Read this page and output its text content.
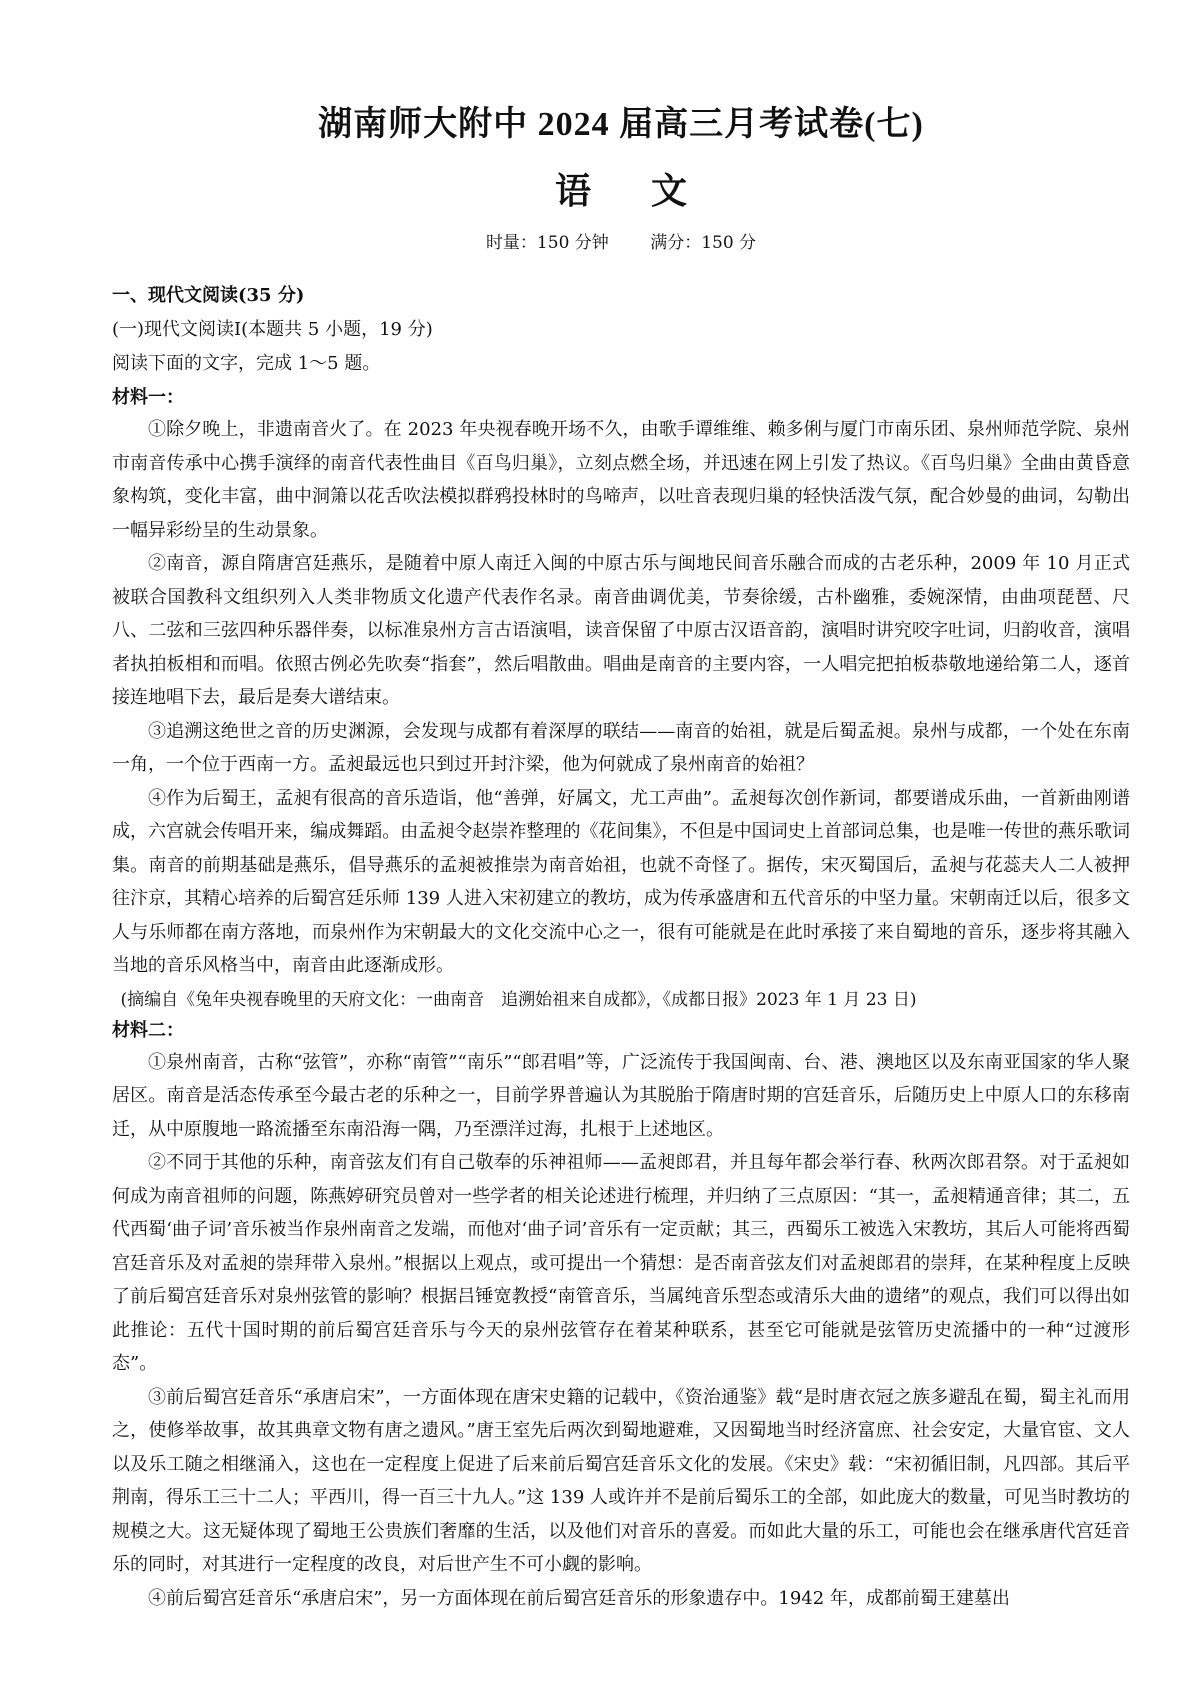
湖南师大附中 2024 届高三月考试卷(七)
语文
时量：150 分钟 满分：150 分
一、现代文阅读(35 分)
(一)现代文阅读Ⅰ(本题共 5 小题，19 分)
阅读下面的文字，完成 1～5 题。
材料一：

①除夕晚上，非遗南音火了。在 2023 年央视春晚开场不久，由歌手谭维维、赖多俐与厦门市南乐团、泉州师范学院、泉州市南音传承中心携手演绎的南音代表性曲目《百鸟归巢》，立刻点燃全场，并迅速在网上引发了热议。《百鸟归巢》全曲由黄昏意象构筑，变化丰富，曲中洞箫以花舌吹法模拟群鸦投林时的鸟啼声，以吐音表现归巢的轻快活泼气氛，配合妙曼的曲词，勾勒出一幅异彩纷呈的生动景象。

②南音，源自隋唐宫廷燕乐，是随着中原人南迁入闽的中原古乐与闽地民间音乐融合而成的古老乐种，2009 年 10 月正式被联合国教科文组织列入人类非物质文化遗产代表作名录。南音曲调优美，节奏徐缓，古朴幽雅，委婉深情，由曲项琵琶、尺八、二弦和三弦四种乐器伴奏，以标准泉州方言古语演唱，读音保留了中原古汉语音韵，演唱时讲究咬字吐词，归韵收音，演唱者执拍板相和而唱。依照古例必先吹奏“指套”，然后唱散曲。唱曲是南音的主要内容，一人唱完把拍板恭敬地递给第二人，逐首接连地唱下去，最后是奏大谱结束。

③追溯这绝世之音的历史渊源，会发现与成都有着深厚的联结——南音的始祖，就是后蜀孟昶。泉州与成都，一个处在东南一角，一个位于西南一方。孟昶最远也只到过开封汴梁，他为何就成了泉州南音的始祖？

④作为后蜀王，孟昶有很高的音乐造诣，他“善弹，好属文，尤工声曲”。孟昶每次创作新词，都要谱成乐曲，一首新曲刚谱成，六宫就会传唱开来，编成舞蹈。由孟昶令赵崇祚整理的《花间集》，不但是中国词史上首部词总集，也是唯一传世的燕乐歌词集。南音的前期基础是燕乐，倡导燕乐的孟昶被推崇为南音始祖，也就不奇怪了。据传，宋灭蜀国后，孟昶与花蕊夫人二人被押往汴京，其精心培养的后蜀宫廷乐师 139 人进入宋初建立的教坊，成为传承盛唐和五代音乐的中坚力量。宋朝南迁以后，很多文人与乐师都在南方落地，而泉州作为宋朝最大的文化交流中心之一，很有可能就是在此时承接了来自蜀地的音乐，逐步将其融入当地的音乐风格当中，南音由此逐渐成形。

(摘编自《兔年央视春晚里的天府文化：一曲南音　追溯始祖来自成都》，《成都日报》2023 年 1 月 23 日)
材料二：

①泉州南音，古称“弦管”，亦称“南管”“南乐”“郎君唱”等，广泛流传于我国闽南、台、港、澳地区以及东南亚国家的华人聚居区。南音是活态传承至今最古老的乐种之一，目前学界普遍认为其脱胎于隋唐时期的宫廷音乐，后随历史上中原人口的东移南迁，从中原腹地一路流播至东南沿海一隅，乃至漂洋过海，扎根于上述地区。

②不同于其他的乐种，南音弦友们有自己敬奉的乐神祖师——孟昶郎君，并且每年都会举行春、秋两次郎君祭。对于孟昶如何成为南音祖师的问题，陈燕婷研究员曾对一些学者的相关论述进行梳理，并归纳了三点原因：“其一，孟昶精通音律；其二，五代西蜀‘曲子词’音乐被当作泉州南音之发端，而他对‘曲子词’音乐有一定贡献；其三，西蜀乐工被选入宋教坊，其后人可能将西蜀宫廷音乐及对孟昶的崇拜带入泉州。”根据以上观点，或可提出一个猜想：是否南音弦友们对孟昶郎君的崇拜，在某种程度上反映了前后蜀宫廷音乐对泉州弦管的影响？根据吕锤宽教授“南管音乐，当属纯音乐型态或清乐大曲的遗绪”的观点，我们可以得出如此推论：五代十国时期的前后蜀宫廷音乐与今天的泉州弦管存在着某种联系，甚至它可能就是弦管历史流播中的一种“过渡形态”。

③前后蜀宫廷音乐“承唐启宋”，一方面体现在唐宋史籍的记载中，《资治通鉴》载“是时唐衣冠之族多避乱在蜀，蜀主礼而用之，使修举故事，故其典章文物有唐之遗风。”唐王室先后两次到蜀地避难，又因蜀地当时经济富庶、社会安定，大量官宦、文人以及乐工随之相继涌入，这也在一定程度上促进了后来前后蜀宫廷音乐文化的发展。《宋史》载：“宋初循旧制，凡四部。其后平荆南，得乐工三十二人；平西川，得一百三十九人。”这 139 人或许并不是前后蜀乐工的全部，如此庞大的数量，可见当时教坊的规模之大。这无疑体现了蜀地王公贵族们奢靡的生活，以及他们对音乐的喜爱。而如此大量的乐工，可能也会在继承唐代宫廷音乐的同时，对其进行一定程度的改良，对后世产生不可小觑的影响。

④前后蜀宫廷音乐“承唐启宋”，另一方面体现在前后蜀宫廷音乐的形象遗存中。1942 年，成都前蜀王建墓出
